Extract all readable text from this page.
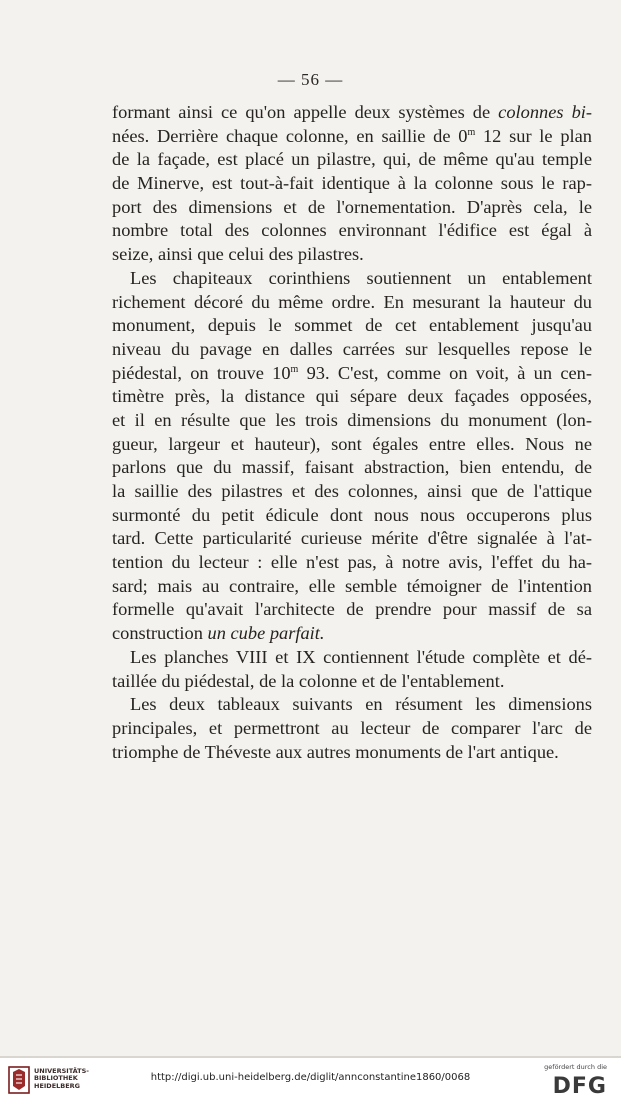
— 56 —
formant ainsi ce qu'on appelle deux systèmes de colonnes bi-
nées. Derrière chaque colonne, en saillie de 0$^m$ 12 sur le plan
de la façade, est placé un pilastre, qui, de même qu'au temple
de Minerve, est tout-à-fait identique à la colonne sous le rap-
port des dimensions et de l'ornementation. D'après cela, le
nombre total des colonnes environnant l'édifice est égal à
seize, ainsi que celui des pilastres.
Les chapiteaux corinthiens soutiennent un entablement
richement décoré du même ordre. En mesurant la hauteur du
monument, depuis le sommet de cet entablement jusqu'au
niveau du pavage en dalles carrées sur lesquelles repose le
piédestal, on trouve 10$^m$ 93. C'est, comme on voit, à un cen-
timètre près, la distance qui sépare deux façades opposées,
et il en résulte que les trois dimensions du monument (lon-
gueur, largeur et hauteur), sont égales entre elles. Nous ne
parlons que du massif, faisant abstraction, bien entendu, de
la saillie des pilastres et des colonnes, ainsi que de l'attique
surmonté du petit édicule dont nous nous occuperons plus
tard. Cette particularité curieuse mérite d'être signalée à l'at-
tention du lecteur : elle n'est pas, à notre avis, l'effet du ha-
sard; mais au contraire, elle semble témoigner de l'intention
formelle qu'avait l'architecte de prendre pour massif de sa
construction un cube parfait.
Les planches VIII et IX contiennent l'étude complète et dé-
taillée du piédestal, de la colonne et de l'entablement.
Les deux tableaux suivants en résument les dimensions
principales, et permettront au lecteur de comparer l'arc de
triomphe de Théveste aux autres monuments de l'art antique.
UNIVERSITÄTS-
BIBLIOTHEK
HEIDELBERG
http://digi.ub.uni-heidelberg.de/diglit/annconstantine1860/0068
gefördert durch die
DFG
